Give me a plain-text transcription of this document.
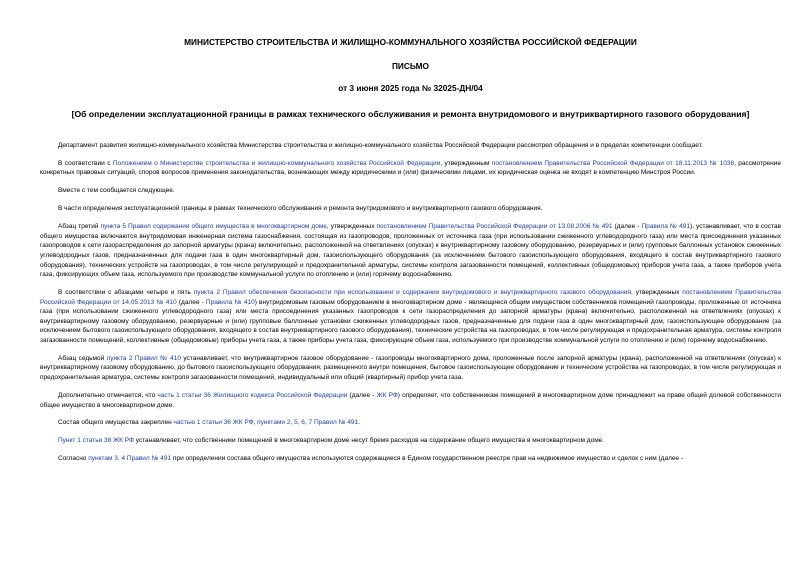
МИНИСТЕРСТВО СТРОИТЕЛЬСТВА И ЖИЛИЩНО-КОММУНАЛЬНОГО ХОЗЯЙСТВА РОССИЙСКОЙ ФЕДЕРАЦИИ
ПИСЬМО
от 3 июня 2025 года № 32025-ДН/04
[Об определении эксплуатационной границы в рамках технического обслуживания и ремонта внутридомового и внутриквартирного газового оборудования]

Департамент развития жилищно-коммунального хозяйства Министерства строительства и жилищно-коммунального хозяйства Российской Федерации рассмотрел обращения и в пределах компетенции сообщает.

В соответствии с Положением о Министерстве строительства и жилищно-коммунального хозяйства Российской Федерации, утвержденным постановлением Правительства Российской Федерации от 18.11.2013 № 1038, рассмотрение конкретных правовых ситуаций, споров вопросов применения законодательства, возникающих между юридическими и (или) физическими лицами, их юридическая оценка не входят в компетенцию Минстроя России.

Вместе с тем сообщается следующее.

В части определения эксплуатационной границы в рамках технического обслуживания и ремонта внутридомового и внутриквартирного газового оборудования.

Абзац третий пункта 5 Правил содержания общего имущества в многоквартирном доме, утвержденных постановлением Правительства Российской Федерации от 13.08.2006 № 491 (далее - Правила № 491), устанавливает, что в состав общего имущества включаются внутридомовая инженерная система газоснабжения, состоящая из газопроводов, проложенных от источника газа (при использовании сжиженного углеводородного газа) или места присоединения указанных газопроводов к сети газораспределения до запорной арматуры (крана) включительно, расположенной на ответвлениях (опусках) к внутриквартирному газовому оборудованию, резервуарных и (или) групповых баллонных установок сжиженных углеводородных газов, предназначенных для подачи газа в один многоквартирный дом, газоиспользующего оборудования (за исключением бытового газоиспользующего оборудования, входящего в состав внутриквартирного газового оборудования), технических устройств на газопроводах, в том числе регулирующей и предохранительной арматуры, системы контроля загазованности помещений, коллективных (общедомовых) приборов учета газа, а также приборов учета газа, фиксирующих объем газа, используемого при производстве коммунальной услуги по отоплению и (или) горячему водоснабжению.

В соответствии с абзацами четыре и пять пункта 2 Правил обеспечения безопасности при использовании и содержании внутридомового и внутриквартирного газового оборудования, утвержденных постановлением Правительства Российской Федерации от 14.05.2013 № 410 (далее - Правила № 410) внутридомовым газовым оборудованием в многоквартирном доме - являющиеся общим имуществом собственников помещений газопроводы, проложенные от источника газа (при использовании сжиженного углеводородного газа) или места присоединения указанных газопроводов к сети газораспределения до запорной арматуры (крана) включительно, расположенной на ответвлениях (опусках) к внутриквартирному газовому оборудованию, резервуарные и (или) групповые баллонные установки сжиженных углеводородных газов, предназначенные для подачи газа в один многоквартирный дом, газоиспользующее оборудование (за исключением бытового газоиспользующего оборудования, входящего в состав внутриквартирного газового оборудования), технические устройства на газопроводах, в том числе регулирующая и предохранительная арматура, системы контроля загазованности помещений, коллективные (общедомовые) приборы учета газа, а также приборы учета газа, фиксирующие объем газа, используемого при производстве коммунальной услуги по отоплению и (или) горячему водоснабжению.

Абзац седьмой пункта 2 Правил № 410 устанавливает, что внутриквартирное газовое оборудование - газопроводы многоквартирного дома, проложенные после запорной арматуры (крана), расположенной на ответвлениях (опусках) к внутриквартирному газовому оборудованию, до бытового газоиспользующего оборудования, размещенного внутри помещения, бытовое газоиспользующее оборудование и технические устройства на газопроводах, в том числе регулирующая и предохранительная арматура, системы контроля загазованности помещений, индивидуальный или общий (квартирный) прибор учета газа.

Дополнительно отмечается, что часть 1 статьи 36 Жилищного кодекса Российской Федерации (далее - ЖК РФ) определяет, что собственникам помещений в многоквартирном доме принадлежит на праве общей долевой собственности общее имущество в многоквартирном доме.

Состав общего имущества закреплен частью 1 статьи 36 ЖК РФ, пунктами 2, 5, 6, 7 Правил № 491.

Пункт 1 статьи 38 ЖК РФ устанавливает, что собственники помещений в многоквартирном доме несут бремя расходов на содержание общего имущества в многоквартирном доме.

Согласно пунктам 3, 4 Правил № 491 при определении состава общего имущества используются содержащиеся в Едином государственном реестре прав на недвижимое имущество и сделок с ним (далее -
